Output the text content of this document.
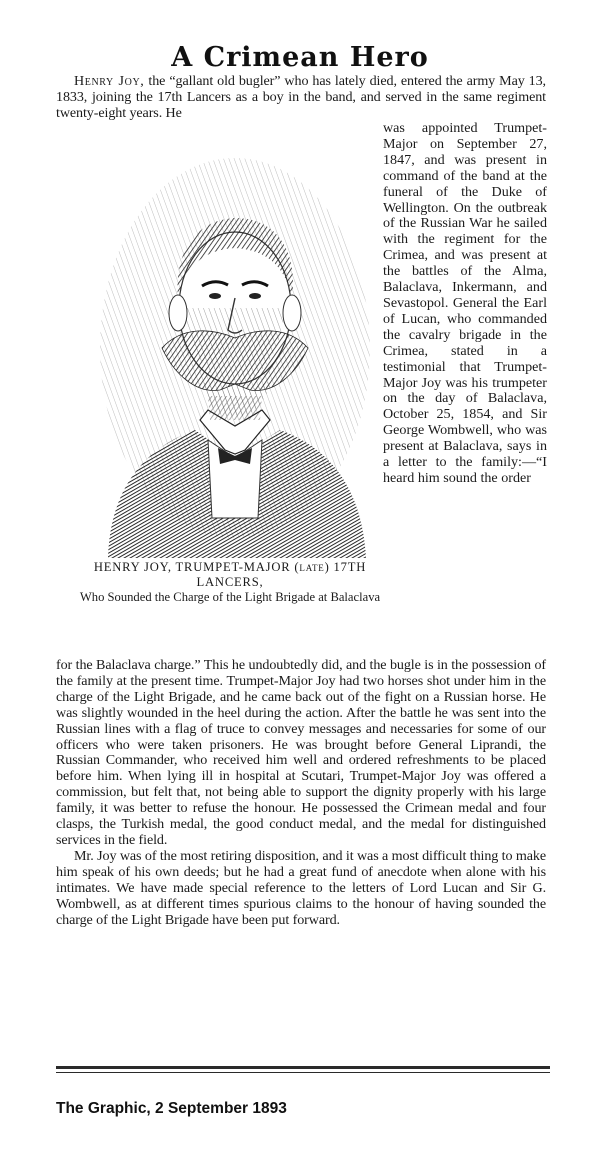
A Crimean Hero

Henry Joy, the “gallant old bugler” who has lately died, entered the army May 13, 1833, joining the 17th Lancers as a boy in the band, and served in the same regiment twenty-eight years. He

HENRY JOY, TRUMPET-MAJOR (late) 17TH
LANCERS,
Who Sounded the Charge of the Light Brigade at Balaclava
was appointed Trumpet-Major on September 27, 1847, and was present in command of the band at the funeral of the Duke of Wellington. On the outbreak of the Russian War he sailed with the regiment for the Crimea, and was present at the battles of the Alma, Balaclava, Inkermann, and Sevastopol. General the Earl of Lucan, who commanded the cavalry brigade in the Crimea, stated in a testimonial that Trumpet-Major Joy was his trumpeter on the day of Balaclava, October 25, 1854, and Sir George Wombwell, who was present at Balaclava, says in a letter to the family:—“I heard him sound the order

for the Balaclava charge.” This he undoubtedly did, and the bugle is in the possession of the family at the present time. Trumpet-Major Joy had two horses shot under him in the charge of the Light Brigade, and he came back out of the fight on a Russian horse. He was slightly wounded in the heel during the action. After the battle he was sent into the Russian lines with a flag of truce to convey messages and necessaries for some of our officers who were taken prisoners. He was brought before General Liprandi, the Russian Commander, who received him well and ordered refreshments to be placed before him. When lying ill in hospital at Scutari, Trumpet-Major Joy was offered a commission, but felt that, not being able to support the dignity properly with his large family, it was better to refuse the honour. He possessed the Crimean medal and four clasps, the Turkish medal, the good conduct medal, and the medal for distinguished services in the field.

Mr. Joy was of the most retiring disposition, and it was a most difficult thing to make him speak of his own deeds; but he had a great fund of anecdote when alone with his intimates. We have made special reference to the letters of Lord Lucan and Sir G. Wombwell, as at different times spurious claims to the honour of having sounded the charge of the Light Brigade have been put forward.

The Graphic, 2 September 1893
